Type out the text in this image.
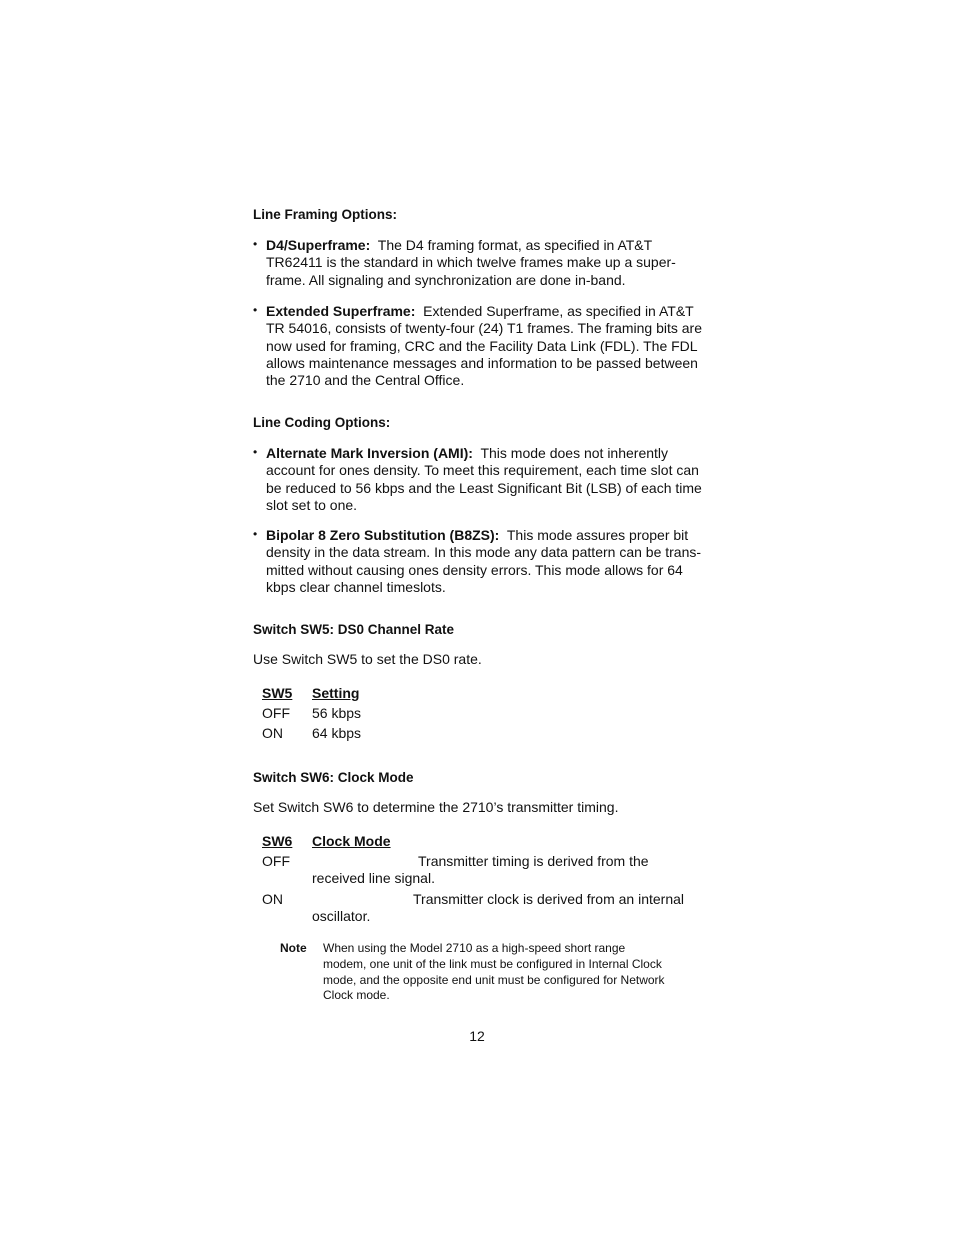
Line Framing Options:
• D4/Superframe: The D4 framing format, as specified in AT&T TR62411 is the standard in which twelve frames make up a super-frame. All signaling and synchronization are done in-band.

• Extended Superframe: Extended Superframe, as specified in AT&T TR 54016, consists of twenty-four (24) T1 frames. The framing bits are now used for framing, CRC and the Facility Data Link (FDL). The FDL allows maintenance messages and information to be passed between the 2710 and the Central Office.

Line Coding Options:
• Alternate Mark Inversion (AMI): This mode does not inherently account for ones density. To meet this requirement, each time slot can be reduced to 56 kbps and the Least Significant Bit (LSB) of each time slot set to one.

• Bipolar 8 Zero Substitution (B8ZS): This mode assures proper bit density in the data stream. In this mode any data pattern can be trans-mitted without causing ones density errors. This mode allows for 64 kbps clear channel timeslots.

Switch SW5: DS0 Channel Rate
Use Switch SW5 to set the DS0 rate.
SW5 Setting
OFF 56 kbps
ON 64 kbps
Switch SW6: Clock Mode
Set Switch SW6 to determine the 2710’s transmitter timing.
SW6 Clock Mode
OFF	Transmitter timing is derived from the
received line signal.
ON	Transmitter clock is derived from an internal
oscillator.
Note When using the Model 2710 as a high-speed short range
modem, one unit of the link must be configured in Internal Clock
mode, and the opposite end unit must be configured for Network
Clock mode.
12
